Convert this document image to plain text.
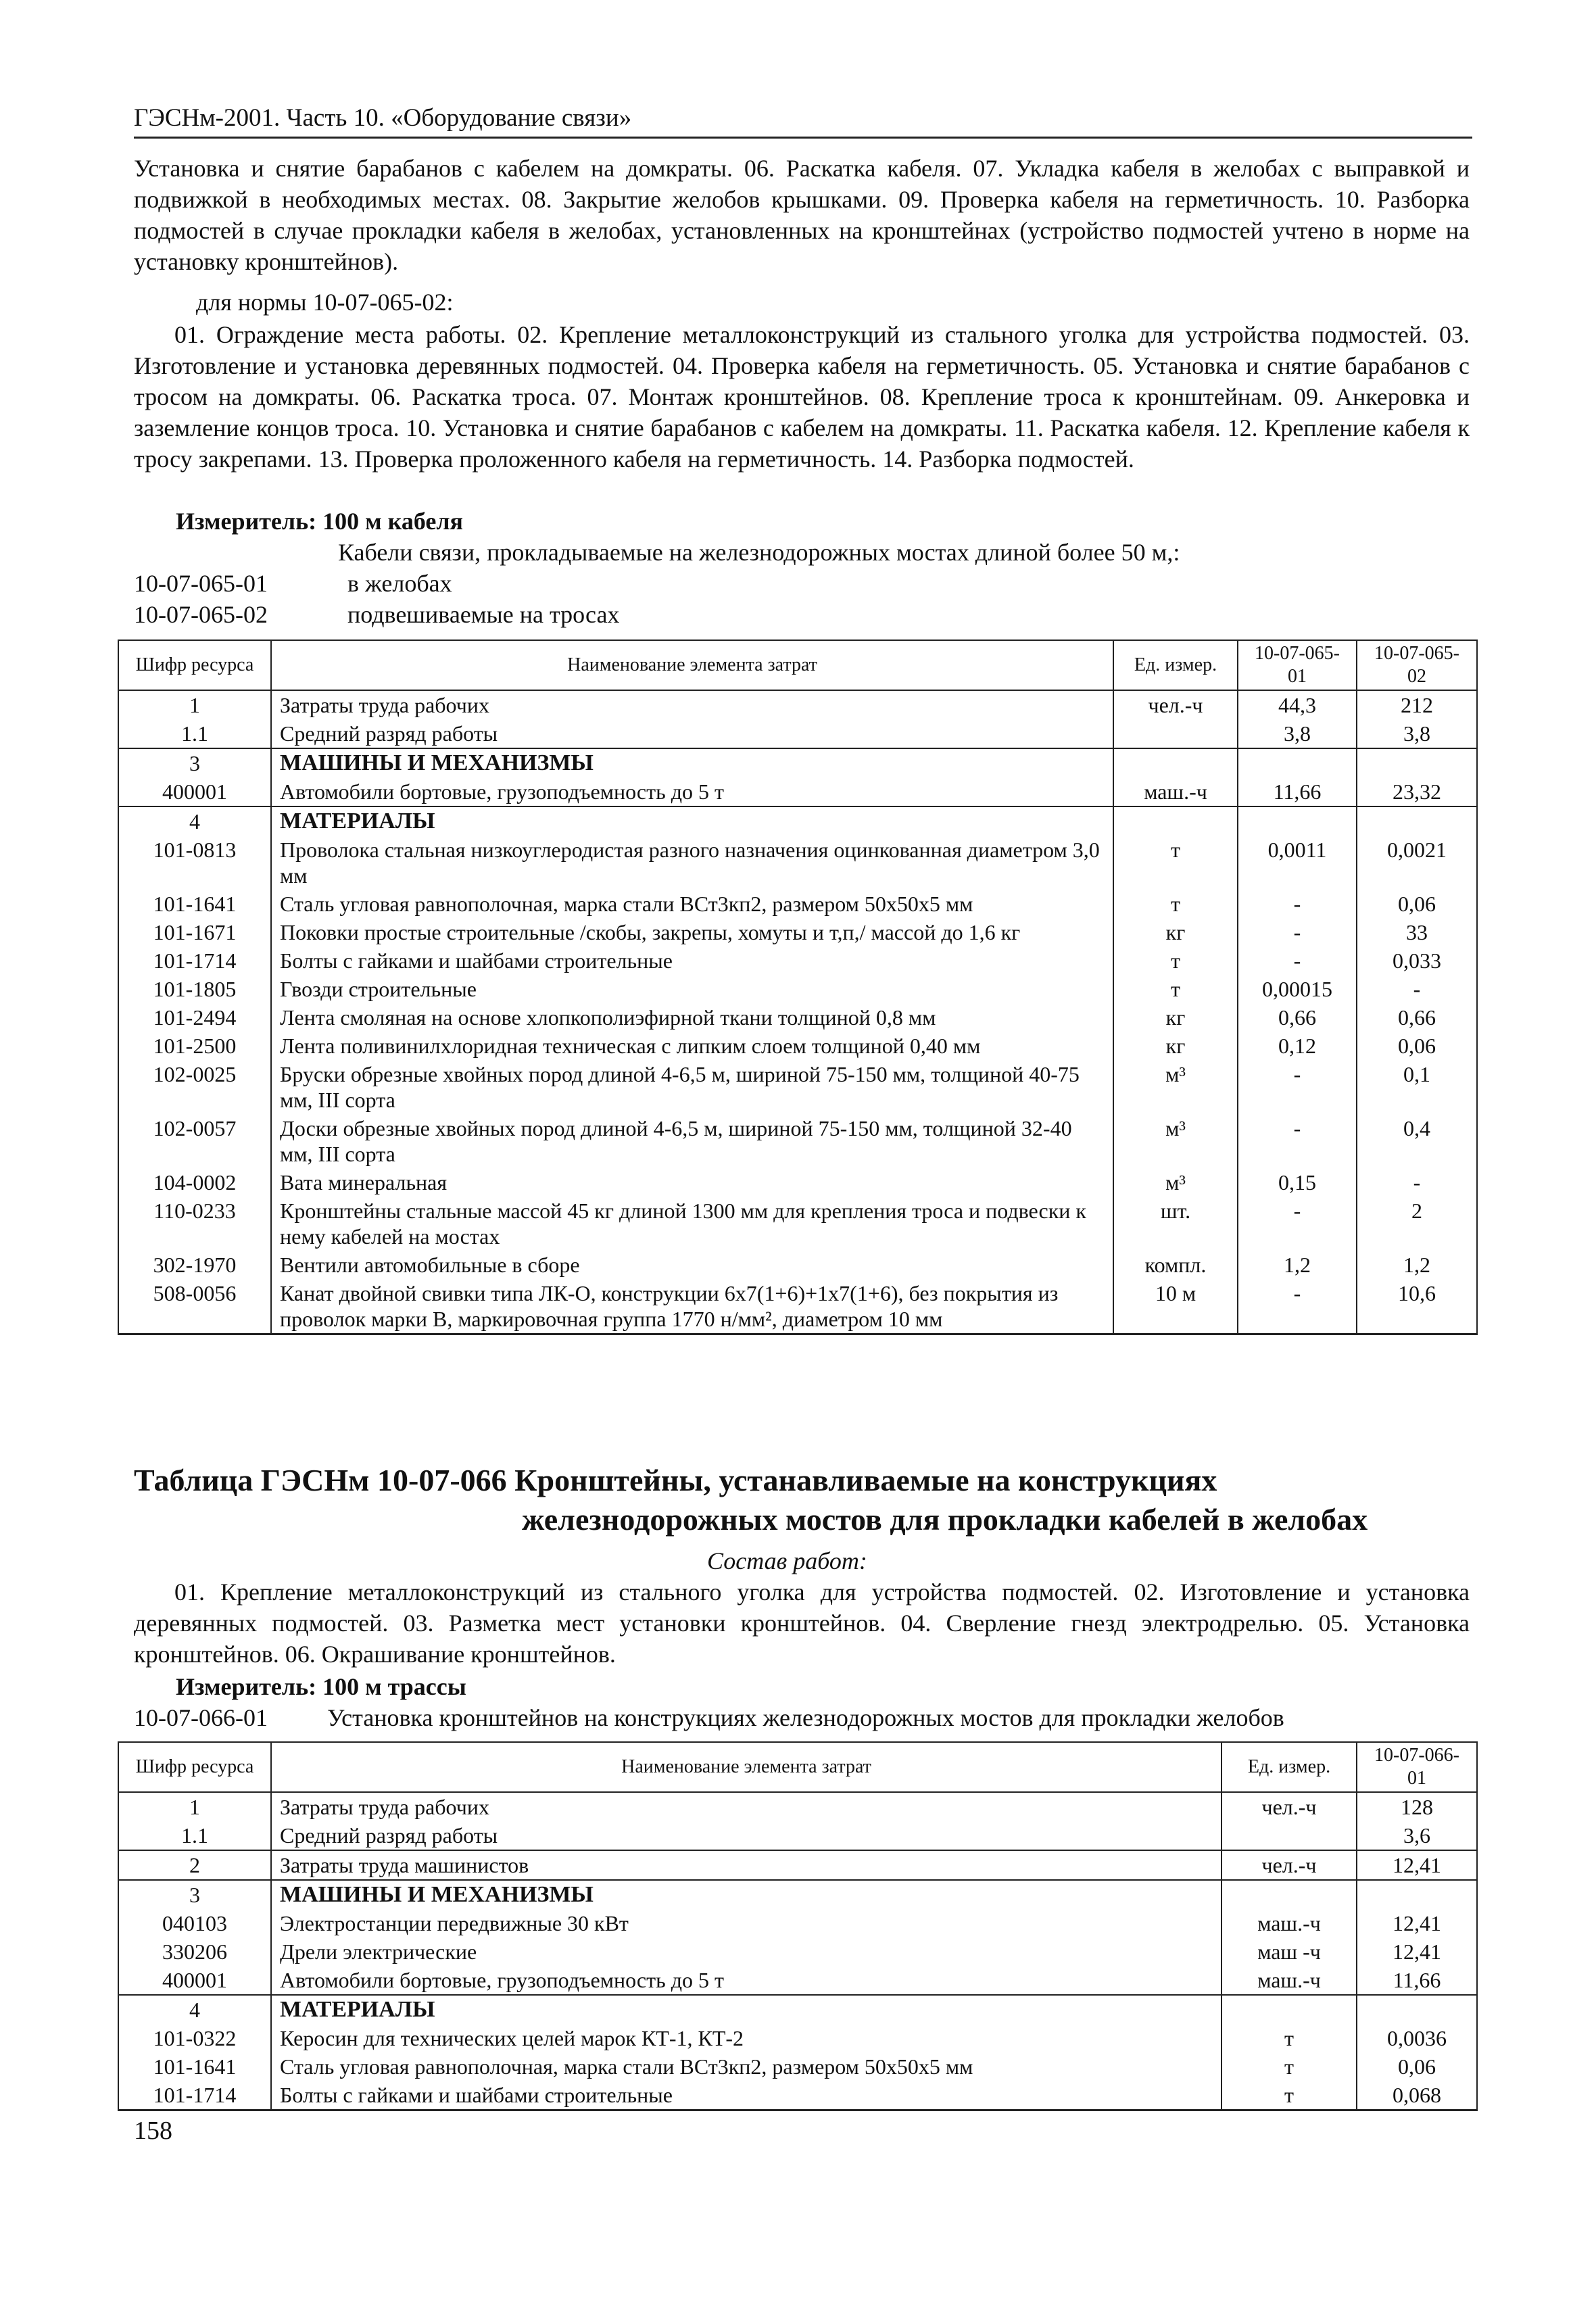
ГЭСНм-2001. Часть 10. «Оборудование связи»

Установка и снятие барабанов с кабелем на домкраты. 06. Раскатка кабеля. 07. Укладка кабеля в желобах с выправкой и подвижкой в необходимых местах. 08. Закрытие желобов крышками. 09. Проверка кабеля на герметичность. 10. Разборка подмостей в случае прокладки кабеля в желобах, установленных на кронштейнах (устройство подмостей учтено в норме на установку кронштейнов).

для нормы 10-07-065-02:

01. Ограждение места работы. 02. Крепление металлоконструкций из стального уголка для устройства подмостей. 03. Изготовление и установка деревянных подмостей. 04. Проверка кабеля на герметичность. 05. Установка и снятие барабанов с тросом на домкраты. 06. Раскатка троса. 07. Монтаж кронштейнов. 08. Крепление троса к кронштейнам. 09. Анкеровка и заземление концов троса. 10. Установка и снятие барабанов с кабелем на домкраты. 11. Раскатка кабеля. 12. Крепление кабеля к тросу закрепами. 13. Проверка проложенного кабеля на герметичность. 14. Разборка подмостей.

Измеритель: 100 м кабеля
Кабели связи, прокладываемые на железнодорожных мостах длиной более 50 м,:
10-07-065-01	в желобах
10-07-065-02	подвешиваемые на тросах
Шифр ресурса	Наименование элемента затрат	Ед. измер.	10-07-065-01	10-07-065-02
1	Затраты труда рабочих	чел.-ч	44,3	212
1.1	Средний разряд работы		3,8	3,8
3	МАШИНЫ И МЕХАНИЗМЫ			
400001	Автомобили бортовые, грузоподъемность до 5 т	маш.-ч	11,66	23,32
4	МАТЕРИАЛЫ			
101-0813	Проволока стальная низкоуглеродистая разного назначения оцинкованная диаметром 3,0 мм	т	0,0011	0,0021
101-1641	Сталь угловая равнополочная, марка стали ВСт3кп2, размером 50х50х5 мм	т	-	0,06
101-1671	Поковки простые строительные /скобы, закрепы, хомуты и т,п,/ массой до 1,6 кг	кг	-	33
101-1714	Болты с гайками и шайбами строительные	т	-	0,033
101-1805	Гвозди строительные	т	0,00015	-
101-2494	Лента смоляная на основе хлопкополиэфирной ткани толщиной 0,8 мм	кг	0,66	0,66
101-2500	Лента поливинилхлоридная техническая с липким слоем толщиной 0,40 мм	кг	0,12	0,06
102-0025	Бруски обрезные хвойных пород длиной 4-6,5 м, шириной 75-150 мм, толщиной 40-75 мм, III сорта	м³	-	0,1
102-0057	Доски обрезные хвойных пород длиной 4-6,5 м, шириной 75-150 мм, толщиной 32-40 мм, III сорта	м³	-	0,4
104-0002	Вата минеральная	м³	0,15	-
110-0233	Кронштейны стальные массой 45 кг длиной 1300 мм для крепления троса и подвески к нему кабелей на мостах	шт.	-	2
302-1970	Вентили автомобильные в сборе	компл.	1,2	1,2
508-0056	Канат двойной свивки типа ЛК-О, конструкции 6х7(1+6)+1х7(1+6), без покрытия из проволок марки В, маркировочная группа 1770 н/мм², диаметром 10 мм	10 м	-	10,6
Таблица ГЭСНм 10-07-066 Кронштейны, устанавливаемые на конструкциях
железнодорожных мостов для прокладки кабелей в желобах
Состав работ:

01. Крепление металлоконструкций из стального уголка для устройства подмостей. 02. Изготовление и установка деревянных подмостей. 03. Разметка мест установки кронштейнов. 04. Сверление гнезд электродрелью. 05. Установка кронштейнов. 06. Окрашивание кронштейнов.

Измеритель: 100 м трассы
10-07-066-01 Установка кронштейнов на конструкциях железнодорожных мостов для прокладки желобов
Шифр ресурса	Наименование элемента затрат	Ед. измер.	10-07-066-01
1	Затраты труда рабочих	чел.-ч	128
1.1	Средний разряд работы		3,6
2	Затраты труда машинистов	чел.-ч	12,41
3	МАШИНЫ И МЕХАНИЗМЫ		
040103	Электростанции передвижные 30 кВт	маш.-ч	12,41
330206	Дрели электрические	маш -ч	12,41
400001	Автомобили бортовые, грузоподъемность до 5 т	маш.-ч	11,66
4	МАТЕРИАЛЫ		
101-0322	Керосин для технических целей марок КТ-1, КТ-2	т	0,0036
101-1641	Сталь угловая равнополочная, марка стали ВСт3кп2, размером 50х50х5 мм	т	0,06
101-1714	Болты с гайками и шайбами строительные	т	0,068
158
